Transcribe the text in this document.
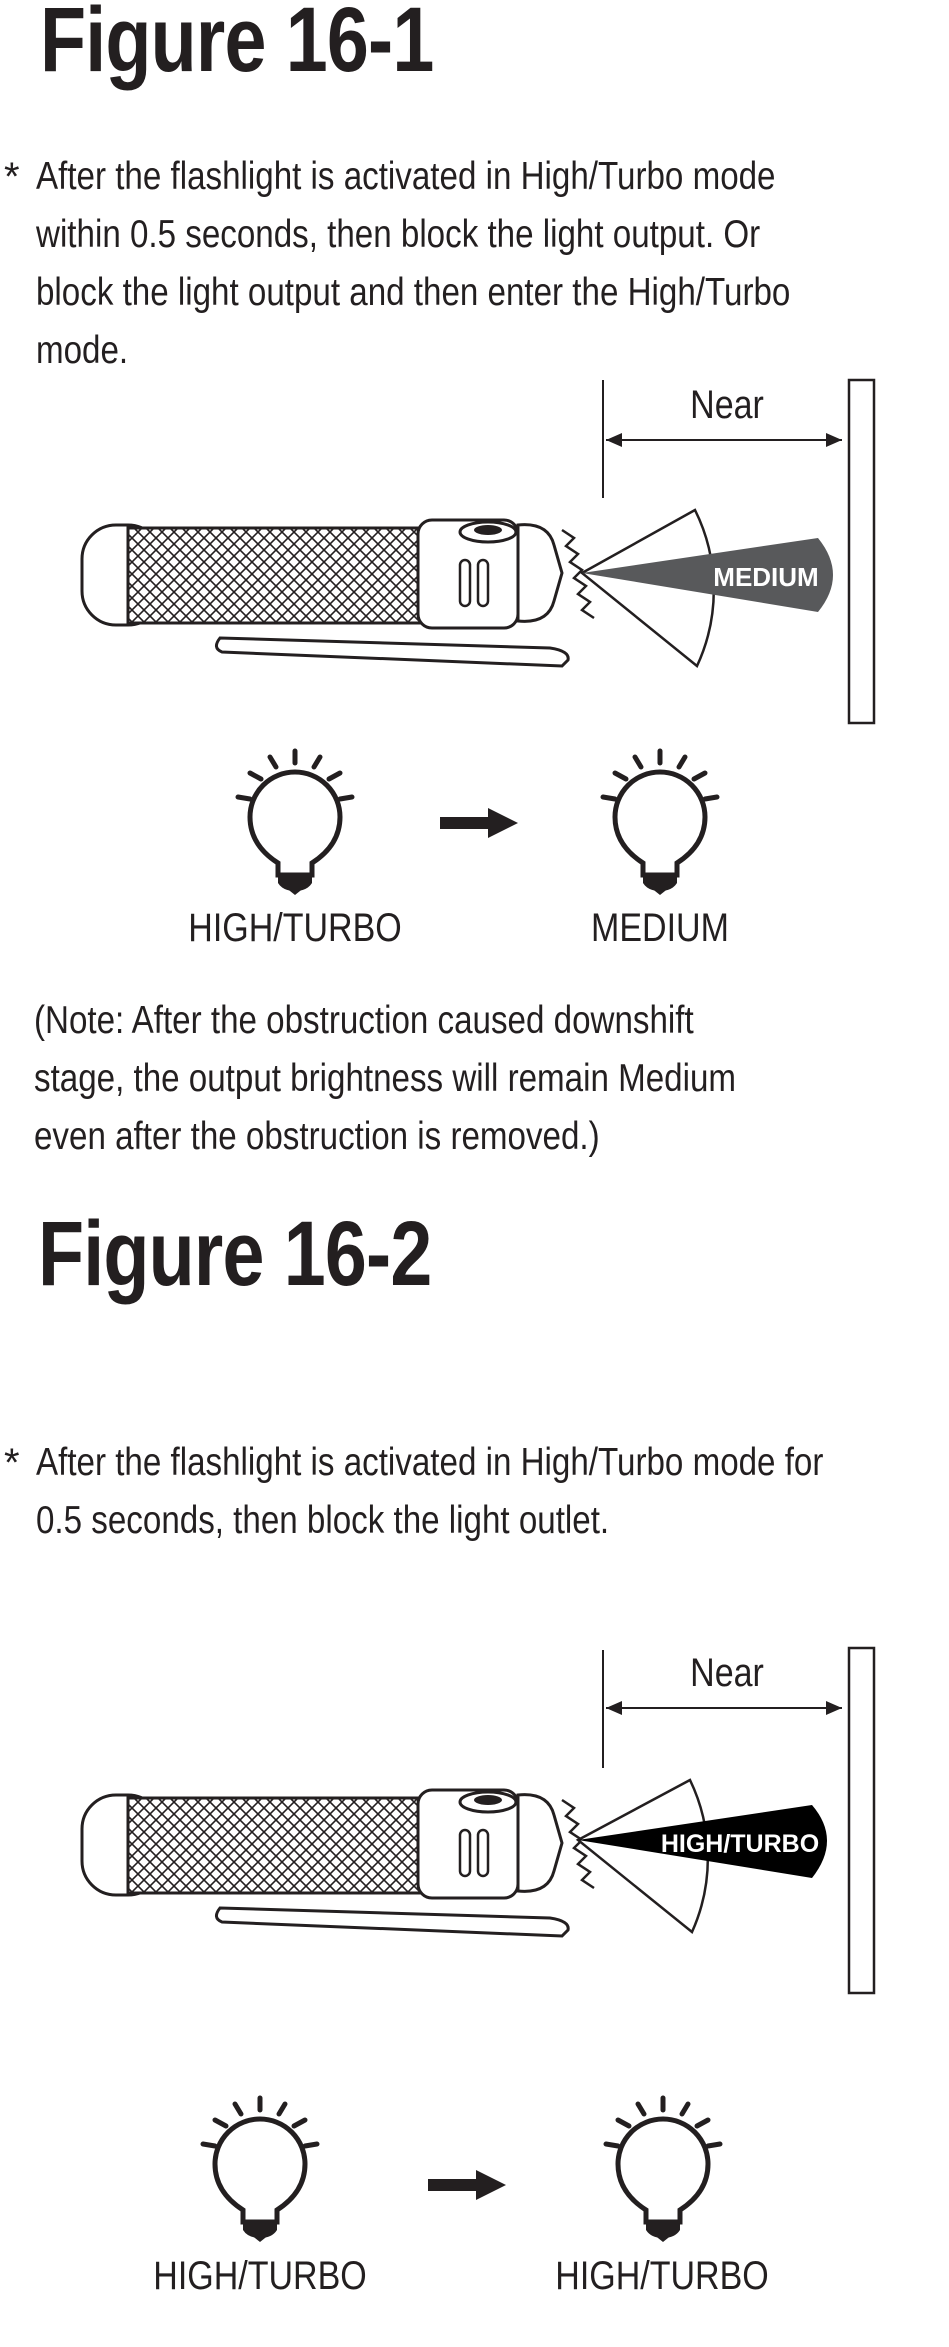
Figure 16-1
* After the flashlight is activated in High/Turbo mode
within 0.5 seconds, then block the light output. Or
block the light output and then enter the High/Turbo
mode.
Near
MEDIUM
HIGH/TURBO	MEDIUM
(Note: After the obstruction caused downshift
stage, the output brightness will remain Medium
even after the obstruction is removed.)
Figure 16-2
* After the flashlight is activated in High/Turbo mode for
0.5 seconds, then block the light outlet.
Near
HIGH/TURBO
HIGH/TURBO	HIGH/TURBO
